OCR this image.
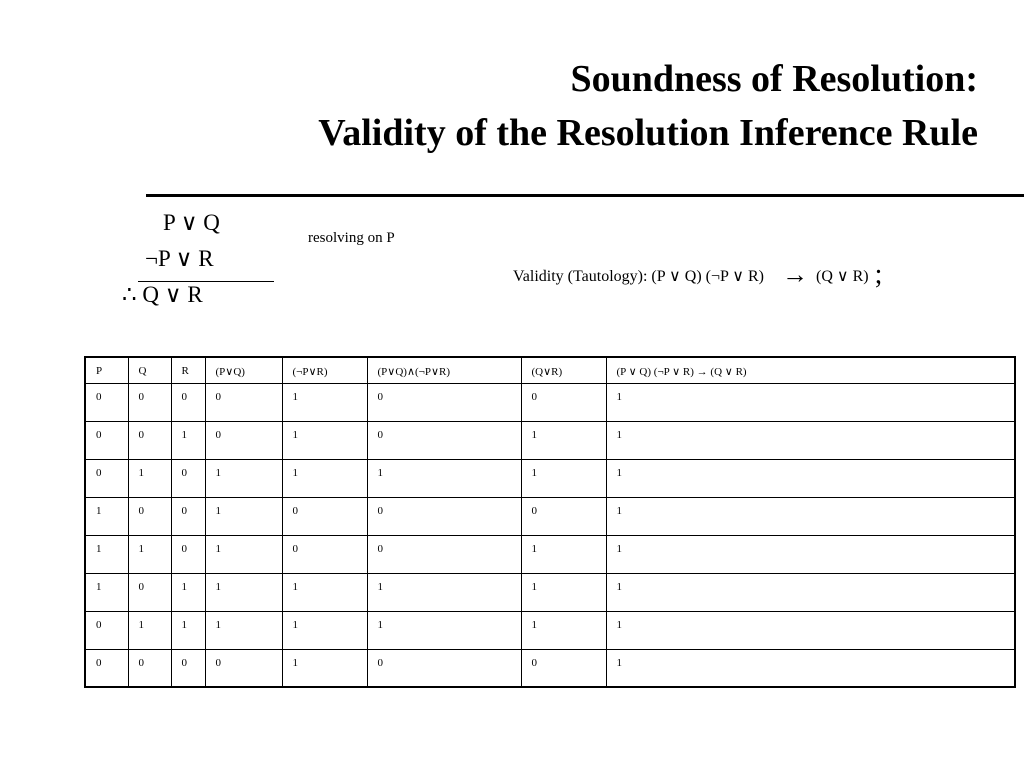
Soundness of Resolution:
Validity of the Resolution Inference Rule
P ∨ Q
¬P ∨ R
∴ Q ∨ R
resolving on P
Validity (Tautology): (P ∨ Q) (¬P ∨ R) → (Q ∨ R) ;
P	Q	R	(P∨Q)	(¬P∨R)	(P∨Q)∧(¬P∨R)	(Q∨R)	(P ∨ Q) (¬P ∨ R) → (Q ∨ R)
0	0	0	0	1	0	0	1
0	0	1	0	1	0	1	1
0	1	0	1	1	1	1	1
1	0	0	1	0	0	0	1
1	1	0	1	0	0	1	1
1	0	1	1	1	1	1	1
0	1	1	1	1	1	1	1
0	0	0	0	1	0	0	1
